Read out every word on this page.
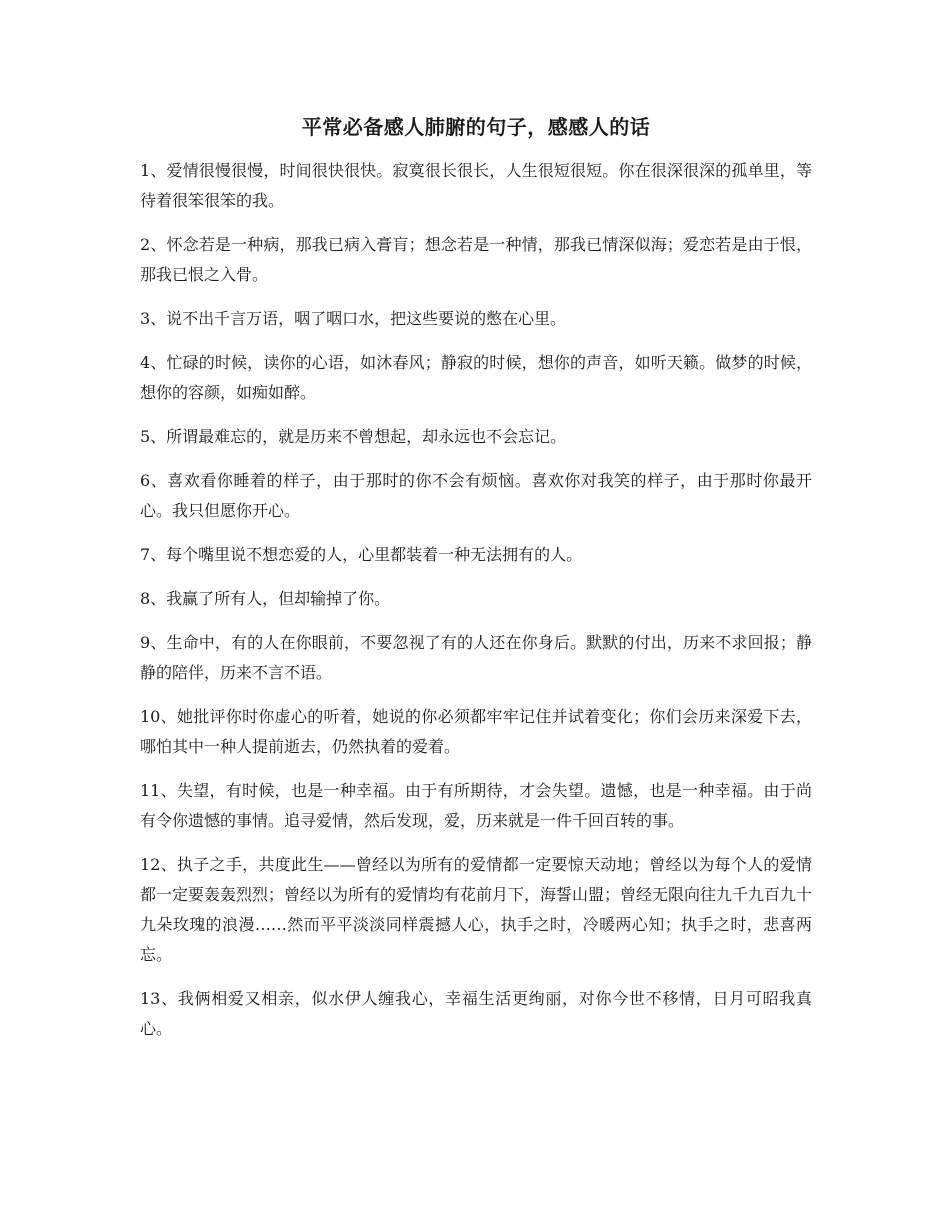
平常必备感人肺腑的句子，感感人的话
1、爱情很慢很慢，时间很快很快。寂寞很长很长，人生很短很短。你在很深很深的孤单里，等待着很笨很笨的我。
2、怀念若是一种病，那我已病入膏肓；想念若是一种情，那我已情深似海；爱恋若是由于恨，那我已恨之入骨。
3、说不出千言万语，咽了咽口水，把这些要说的憋在心里。
4、忙碌的时候，读你的心语，如沐春风；静寂的时候，想你的声音，如听天籁。做梦的时候，想你的容颜，如痴如醉。
5、所谓最难忘的，就是历来不曾想起，却永远也不会忘记。
6、喜欢看你睡着的样子，由于那时的你不会有烦恼。喜欢你对我笑的样子，由于那时你最开心。我只但愿你开心。
7、每个嘴里说不想恋爱的人，心里都装着一种无法拥有的人。
8、我赢了所有人，但却输掉了你。
9、生命中，有的人在你眼前，不要忽视了有的人还在你身后。默默的付出，历来不求回报；静静的陪伴，历来不言不语。
10、她批评你时你虚心的听着，她说的你必须都牢牢记住并试着变化；你们会历来深爱下去，哪怕其中一种人提前逝去，仍然执着的爱着。
11、失望，有时候，也是一种幸福。由于有所期待，才会失望。遗憾，也是一种幸福。由于尚有令你遗憾的事情。追寻爱情，然后发现，爱，历来就是一件千回百转的事。
12、执子之手，共度此生——曾经以为所有的爱情都一定要惊天动地；曾经以为每个人的爱情都一定要轰轰烈烈；曾经以为所有的爱情均有花前月下，海誓山盟；曾经无限向往九千九百九十九朵玫瑰的浪漫……然而平平淡淡同样震撼人心，执手之时，冷暖两心知；执手之时，悲喜两忘。
13、我俩相爱又相亲，似水伊人缠我心，幸福生活更绚丽，对你今世不移情，日月可昭我真心。
